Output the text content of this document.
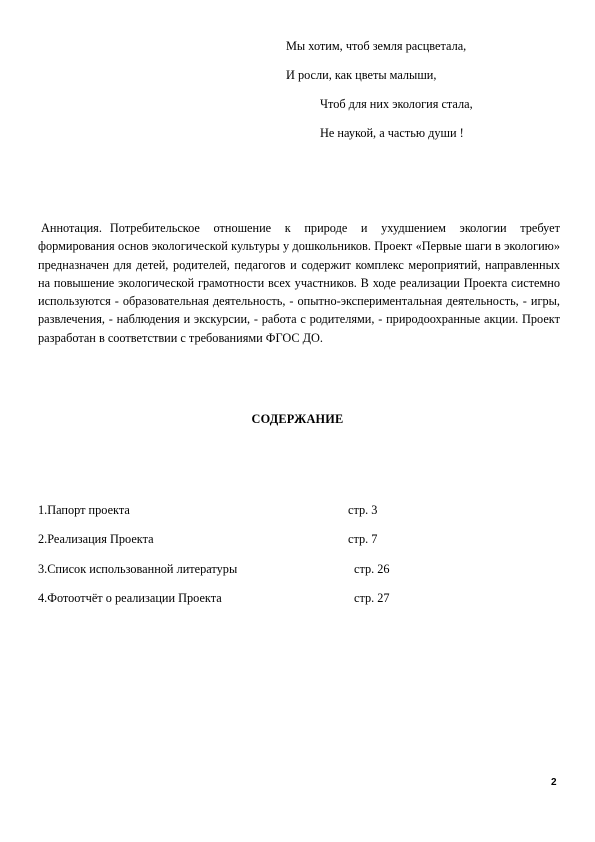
Мы хотим, чтоб земля расцветала,
И росли, как цветы малыши,
Чтоб для них экология стала,
Не наукой, а частью души !

Аннотация. Потребительское отношение к природе и ухудшением экологии требует формирования основ экологической культуры у дошкольников. Проект «Первые шаги в экологию» предназначен для детей, родителей, педагогов и содержит комплекс мероприятий, направленных на повышение экологической грамотности всех участников. В ходе реализации Проекта системно используются - образовательная деятельность, - опытно-экспериментальная деятельность, - игры, развлечения, - наблюдения и экскурсии, - работа с родителями, - природоохранные акции. Проект разработан в соответствии с требованиями ФГОС ДО.

СОДЕРЖАНИЕ
1.Папорт проекта	стр. 3
2.Реализация Проекта	стр. 7
3.Список использованной литературы	стр. 26
4.Фотоотчёт о реализации Проекта	стр. 27
2
